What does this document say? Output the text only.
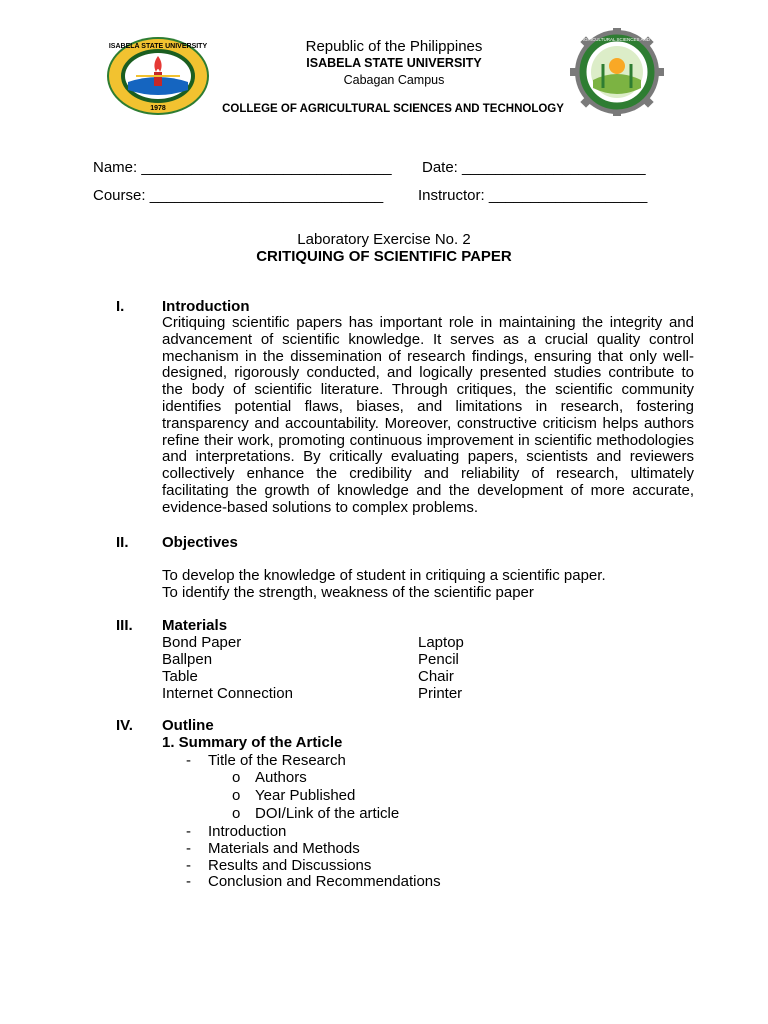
ISABELA STATE UNIVERSITY
1978
Republic of the Philippines
ISABELA STATE UNIVERSITY
Cabagan Campus
COLLEGE OF AGRICULTURAL SCIENCES AND TECHNOLOGY
COLLEGE OF AGRICULTURAL SCIENCES AND TECHNOLOGY
Name: ______________________________ Date: ______________________
Course: ____________________________ Instructor: ___________________
Laboratory Exercise No. 2
CRITIQUING OF SCIENTIFIC PAPER
I.	Introduction
Critiquing scientific papers has important role in maintaining the integrity and advancement of scientific knowledge. It serves as a crucial quality control mechanism in the dissemination of research findings, ensuring that only well-designed, rigorously conducted, and logically presented studies contribute to the body of scientific literature. Through critiques, the scientific community identifies potential flaws, biases, and limitations in research, fostering transparency and accountability. Moreover, constructive criticism helps authors refine their work, promoting continuous improvement in scientific methodologies and interpretations. By critically evaluating papers, scientists and reviewers collectively enhance the credibility and reliability of research, ultimately facilitating the growth of knowledge and the development of more accurate, evidence-based solutions to complex problems.
II. Objectives
To develop the knowledge of student in critiquing a scientific paper.
To identify the strength, weakness of the scientific paper
III. Materials
Bond Paper
Ballpen
Table
Internet Connection
Laptop
Pencil
Chair
Printer
IV. Outline
1. Summary of the Article
- Title of the Research
o Authors
o Year Published
o DOI/Link of the article
- Introduction
- Materials and Methods
- Results and Discussions
- Conclusion and Recommendations
